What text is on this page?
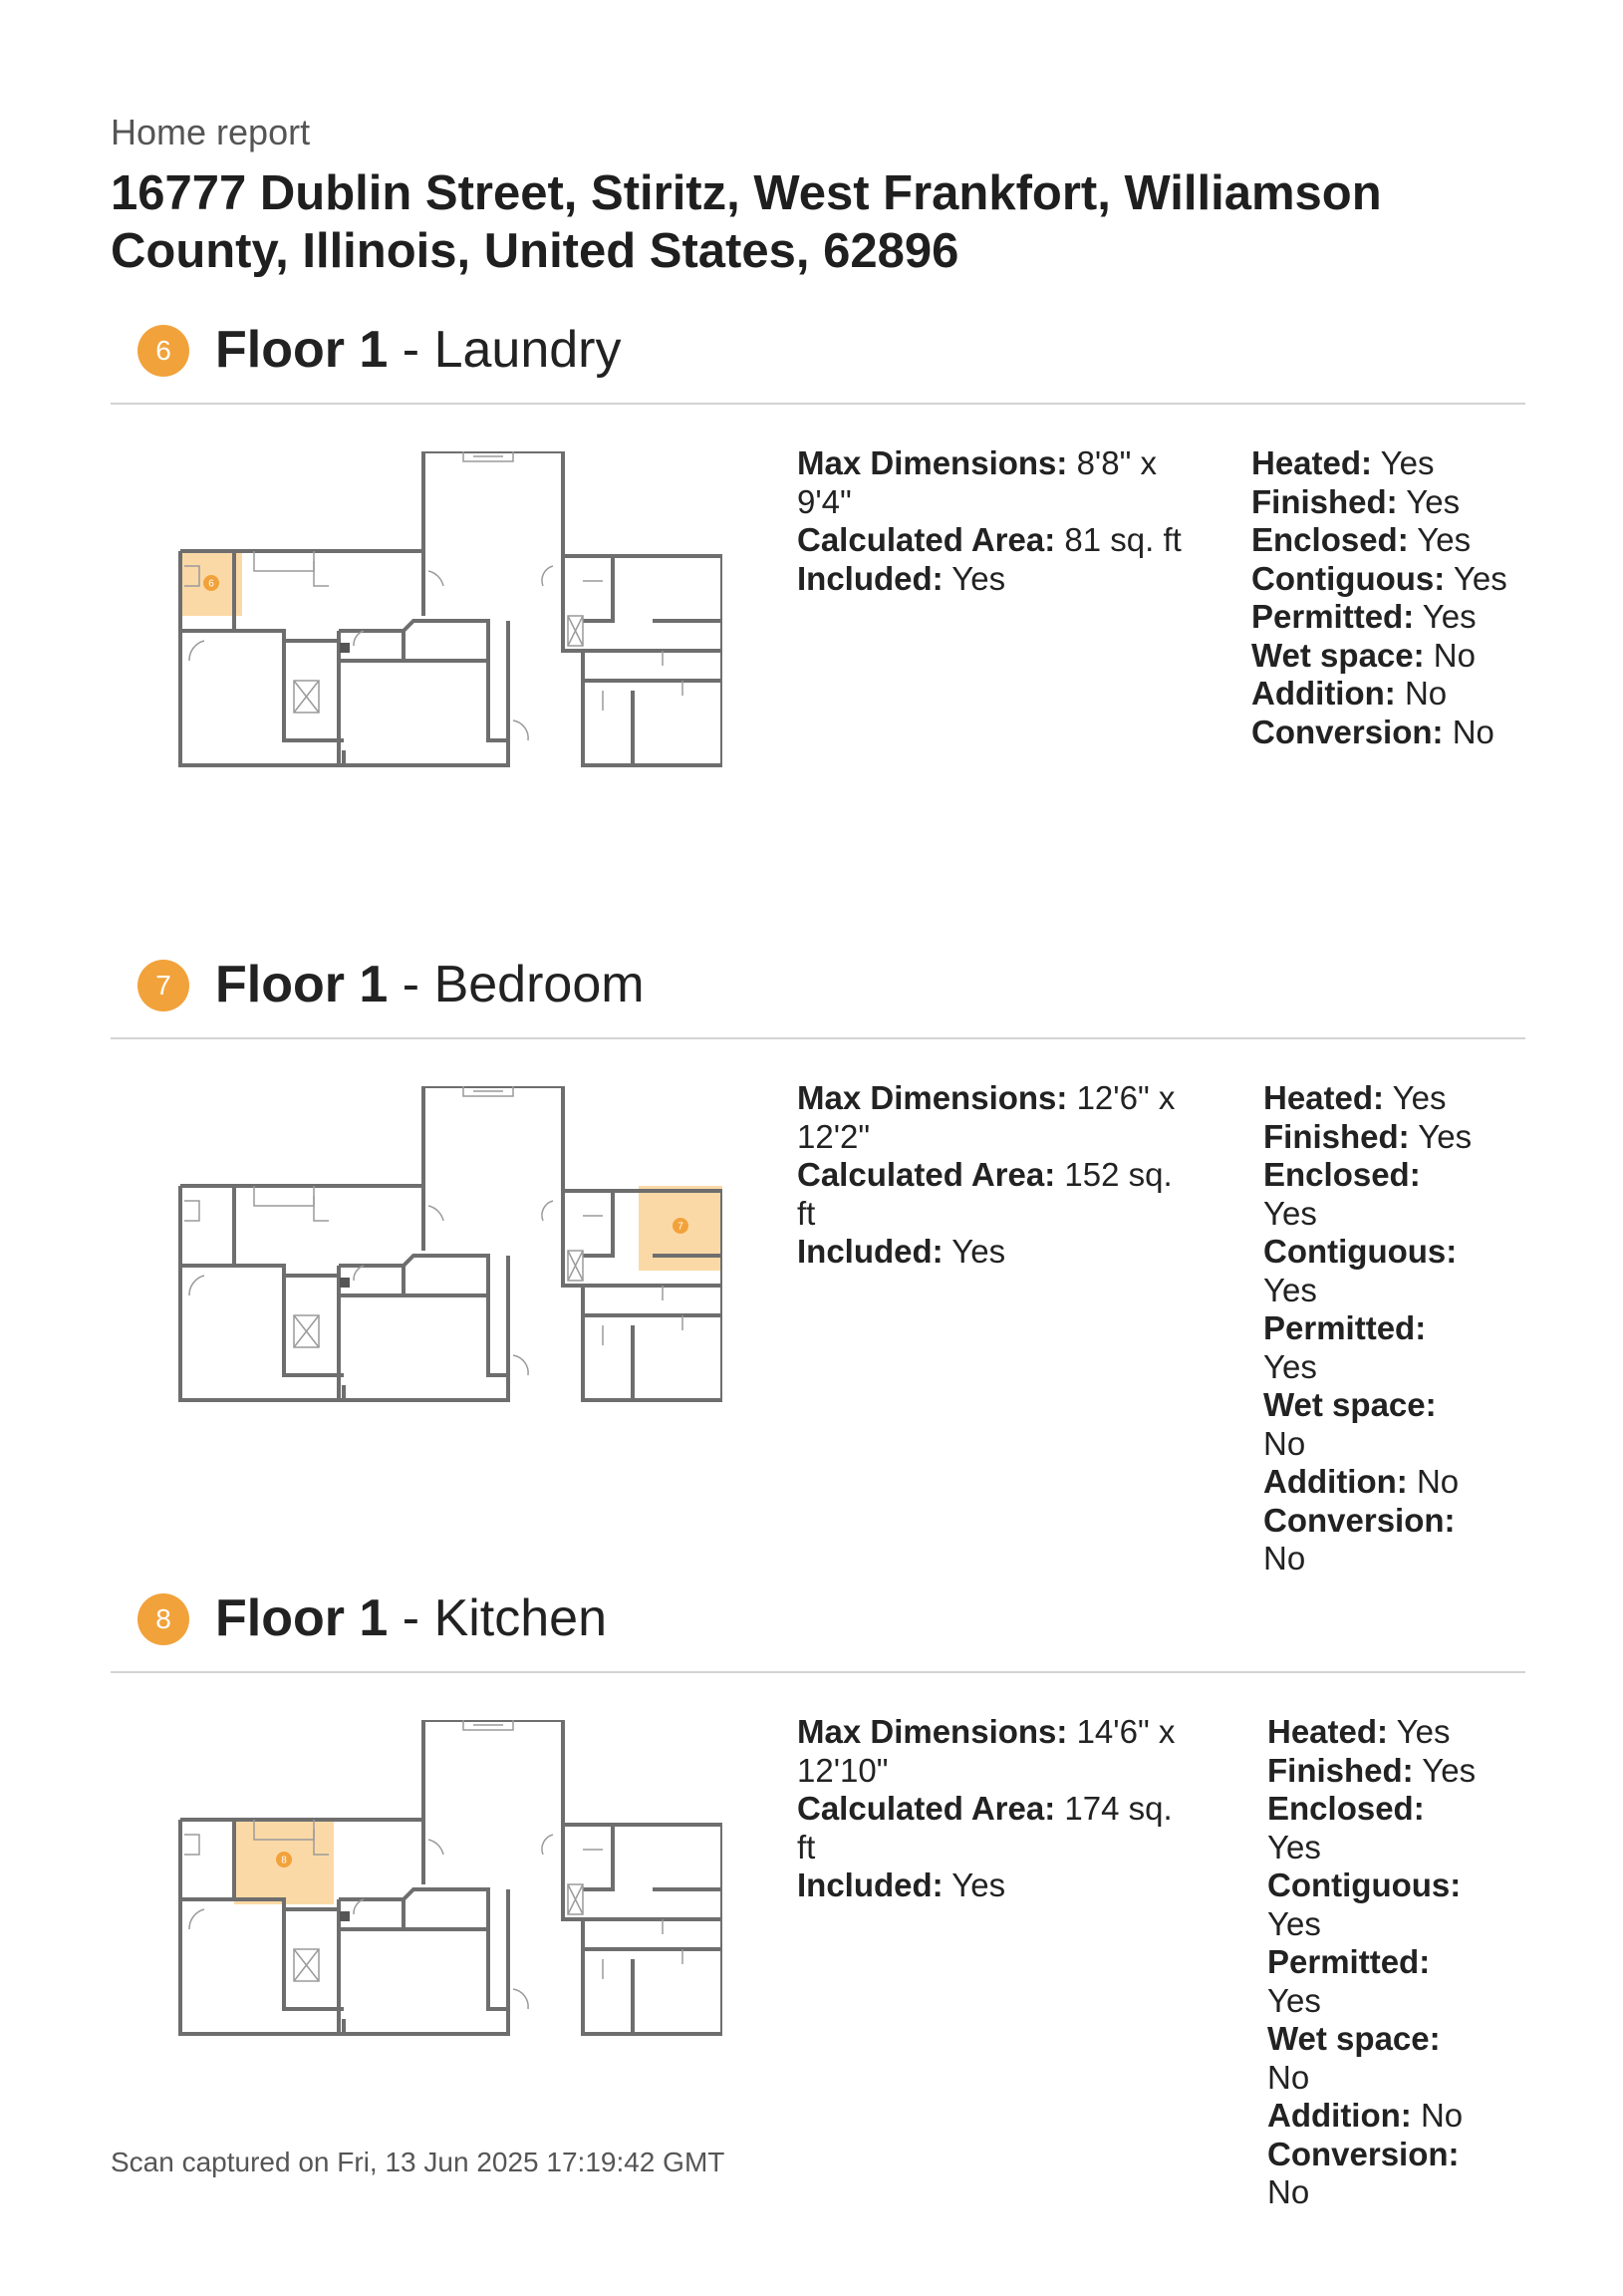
Home report
16777 Dublin Street, Stiritz, West Frankfort, Williamson County, Illinois, United States, 62896
6 Floor 1 - Laundry
6
Max Dimensions: 8'8" x 9'4"
Calculated Area: 81 sq. ft
Included: Yes
Heated: Yes
Finished: Yes
Enclosed: Yes
Contiguous: Yes
Permitted: Yes
Wet space: No
Addition: No
Conversion: No
7 Floor 1 - Bedroom
7
Max Dimensions: 12'6" x 12'2"
Calculated Area: 152 sq. ft
Included: Yes
Heated: Yes
Finished: Yes
Enclosed: Yes
Contiguous: Yes
Permitted: Yes
Wet space: No
Addition: No
Conversion: No
8 Floor 1 - Kitchen
8
Max Dimensions: 14'6" x 12'10"
Calculated Area: 174 sq. ft
Included: Yes
Heated: Yes
Finished: Yes
Enclosed: Yes
Contiguous: Yes
Permitted: Yes
Wet space: No
Addition: No
Conversion: No
Scan captured on Fri, 13 Jun 2025 17:19:42 GMT
